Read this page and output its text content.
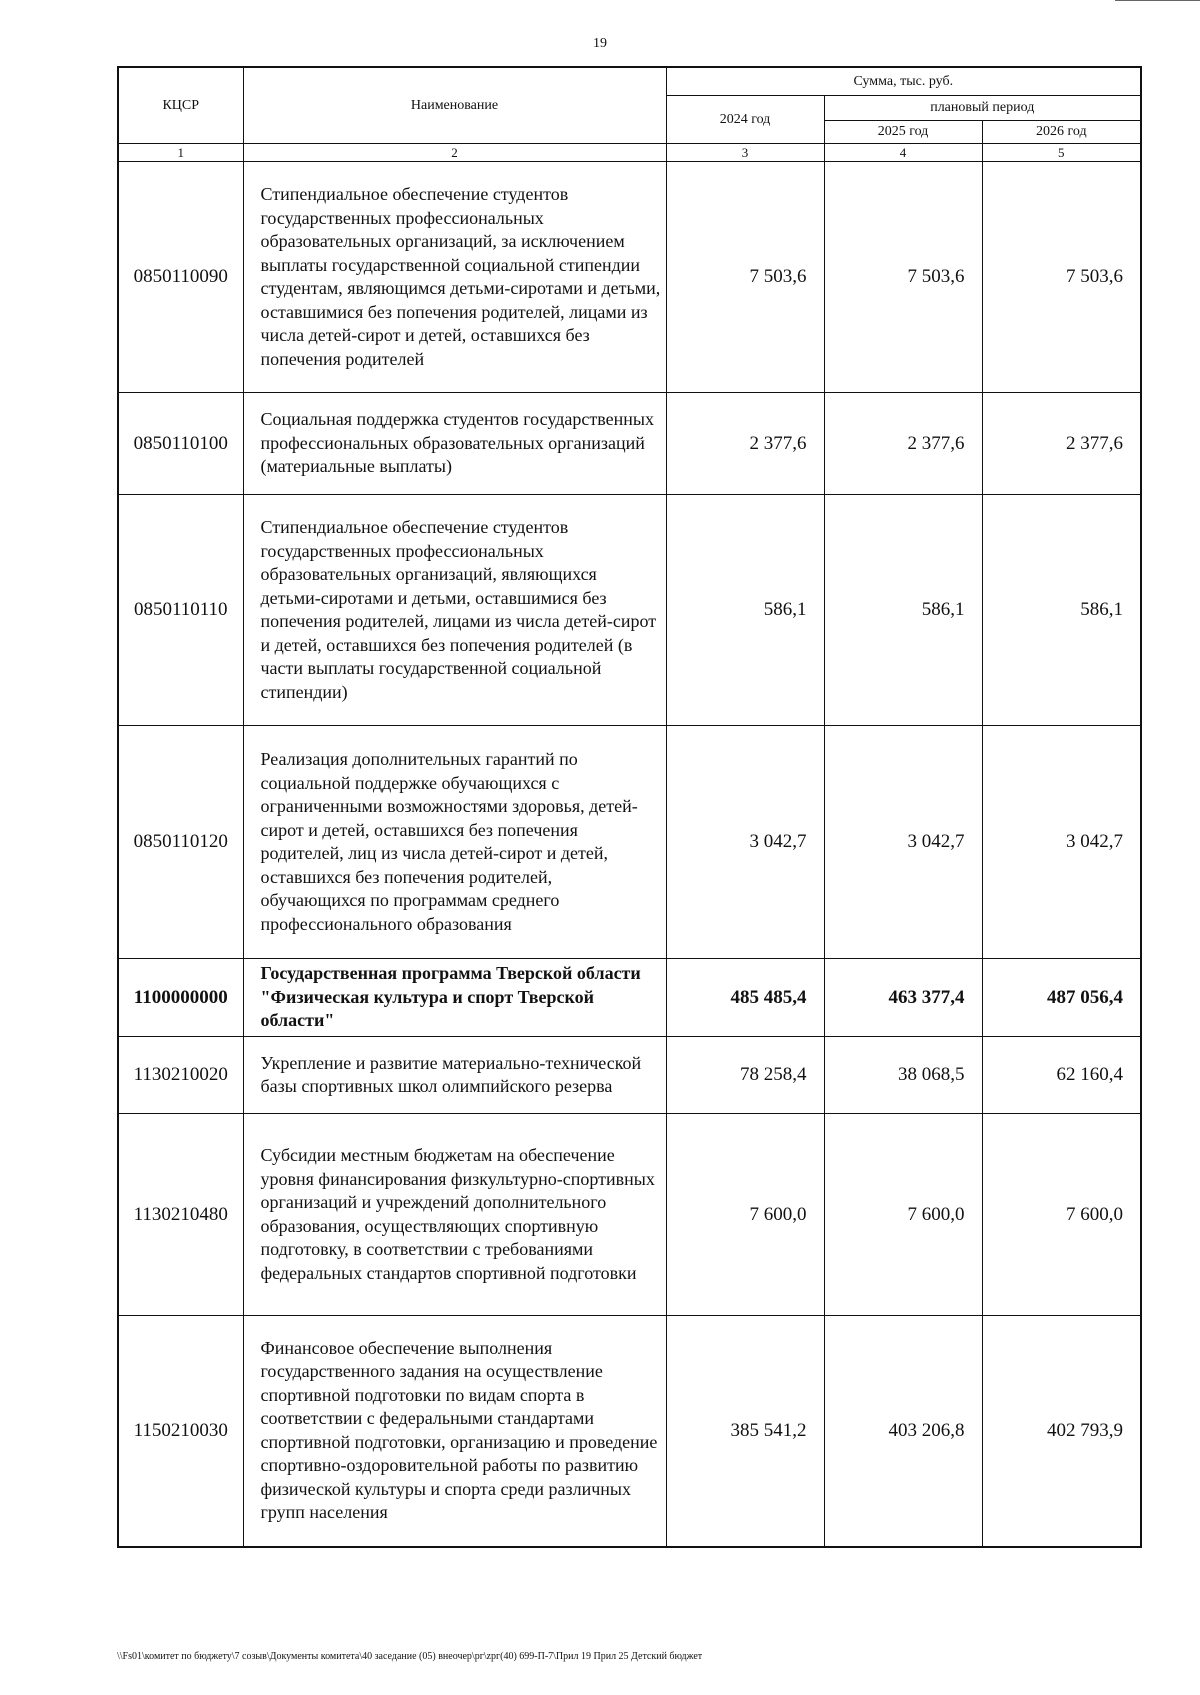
19
КЦСР	Наименование	Сумма, тыс. руб.		
		2024 год	плановый период	
			2025 год	2026 год
1	2	3	4	5
0850110090	Стипендиальное обеспечение студентов государственных профессиональных образовательных организаций, за исключением выплаты государственной социальной стипендии студентам, являющимся детьми-сиротами и детьми, оставшимися без попечения родителей, лицами из числа детей-сирот и детей, оставшихся без попечения родителей	7 503,6	7 503,6	7 503,6
0850110100	Социальная поддержка студентов государственных профессиональных образовательных организаций (материальные выплаты)	2 377,6	2 377,6	2 377,6
0850110110	Стипендиальное обеспечение студентов государственных профессиональных образовательных организаций, являющихся детьми-сиротами и детьми, оставшимися без попечения родителей, лицами из числа детей-сирот и детей, оставшихся без попечения родителей (в части выплаты государственной социальной стипендии)	586,1	586,1	586,1
0850110120	Реализация дополнительных гарантий по социальной поддержке обучающихся с ограниченными возможностями здоровья, детей-сирот и детей, оставшихся без попечения родителей, лиц из числа детей-сирот и детей, оставшихся без попечения родителей, обучающихся по программам среднего профессионального образования	3 042,7	3 042,7	3 042,7
1100000000	Государственная программа Тверской области "Физическая культура и спорт Тверской области"	485 485,4	463 377,4	487 056,4
1130210020	Укрепление и развитие материально-технической базы спортивных школ олимпийского резерва	78 258,4	38 068,5	62 160,4
1130210480	Субсидии местным бюджетам на обеспечение уровня финансирования физкультурно-спортивных организаций и учреждений дополнительного образования, осуществляющих спортивную подготовку, в соответствии с требованиями федеральных стандартов спортивной подготовки	7 600,0	7 600,0	7 600,0
1150210030	Финансовое обеспечение выполнения государственного задания на осуществление спортивной подготовки по видам спорта в соответствии с федеральными стандартами спортивной подготовки, организацию и проведение спортивно-оздоровительной работы по развитию физической культуры и спорта среди различных групп населения	385 541,2	403 206,8	402 793,9
\\Fs01\комитет по бюджету\7 созыв\Документы комитета\40 заседание (05) внеочер\рг\zрг(40) 699-П-7\Прил 19 Прил 25 Детский бюджет
